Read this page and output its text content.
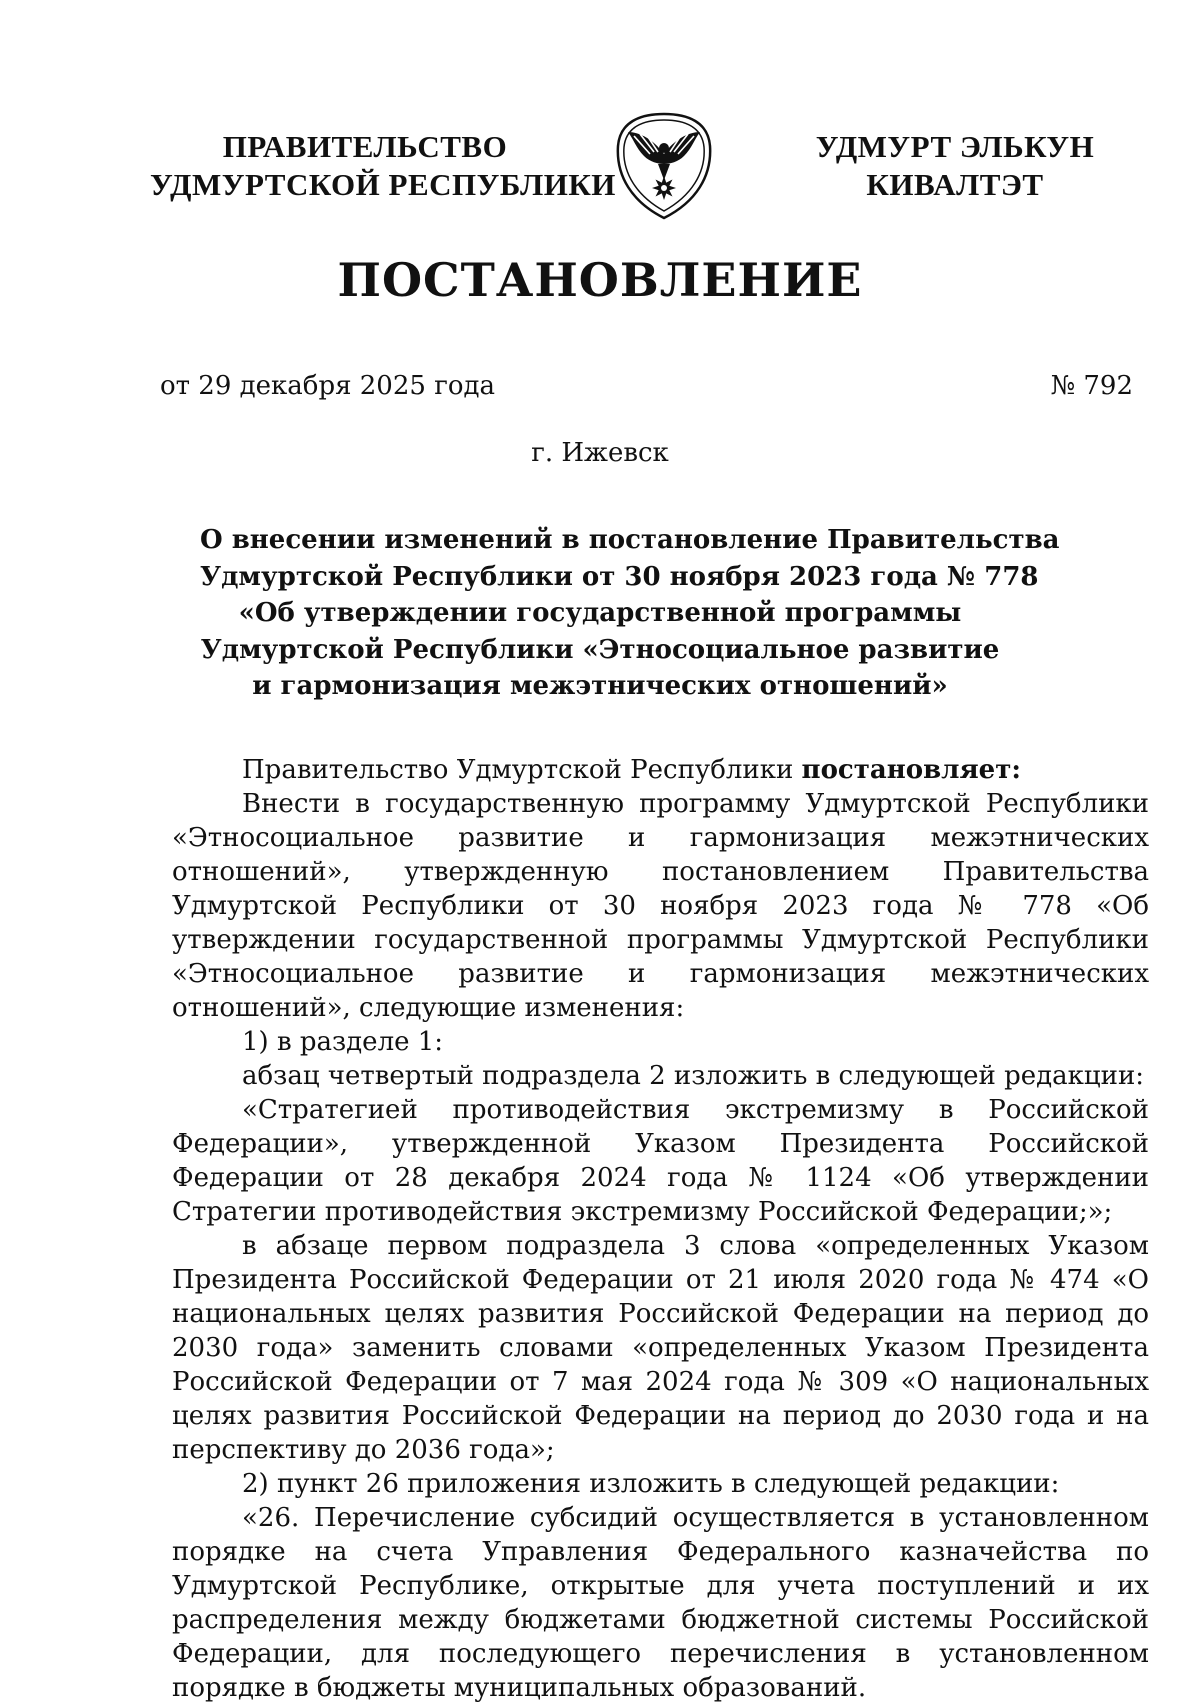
ПРАВИТЕЛЬСТВО
УДМУРТСКОЙ РЕСПУБЛИКИ
УДМУРТ ЭЛЬКУН
КИВАЛТЭТ
ПОСТАНОВЛЕНИЕ
от 29 декабря 2025 года	№ 792
г. Ижевск
О внесении изменений в постановление Правительства
Удмуртской Республики от 30 ноября 2023 года № 778
«Об утверждении государственной программы
Удмуртской Республики «Этносоциальное развитие
и гармонизация межэтнических отношений»

Правительство Удмуртской Республики постановляет:

Внести в государственную программу Удмуртской Республики «Этносоциальное развитие и гармонизация межэтнических отношений», утвержденную постановлением Правительства Удмуртской Республики от 30 ноября 2023 года № 778 «Об утверждении государственной программы Удмуртской Республики «Этносоциальное развитие и гармонизация межэтнических отношений», следующие изменения:

1) в разделе 1:

абзац четвертый подраздела 2 изложить в следующей редакции:

«Стратегией противодействия экстремизму в Российской Федерации», утвержденной Указом Президента Российской Федерации от 28 декабря 2024 года № 1124 «Об утверждении Стратегии противодействия экстремизму Российской Федерации;»;

в абзаце первом подраздела 3 слова «определенных Указом Президента Российской Федерации от 21 июля 2020 года № 474 «О национальных целях развития Российской Федерации на период до 2030 года» заменить словами «определенных Указом Президента Российской Федерации от 7 мая 2024 года № 309 «О национальных целях развития Российской Федерации на период до 2030 года и на перспективу до 2036 года»;

2) пункт 26 приложения изложить в следующей редакции:

«26. Перечисление субсидий осуществляется в установленном порядке на счета Управления Федерального казначейства по Удмуртской Республике, открытые для учета поступлений и их распределения между бюджетами бюджетной системы Российской Федерации, для последующего перечисления в установленном порядке в бюджеты муниципальных образований.
